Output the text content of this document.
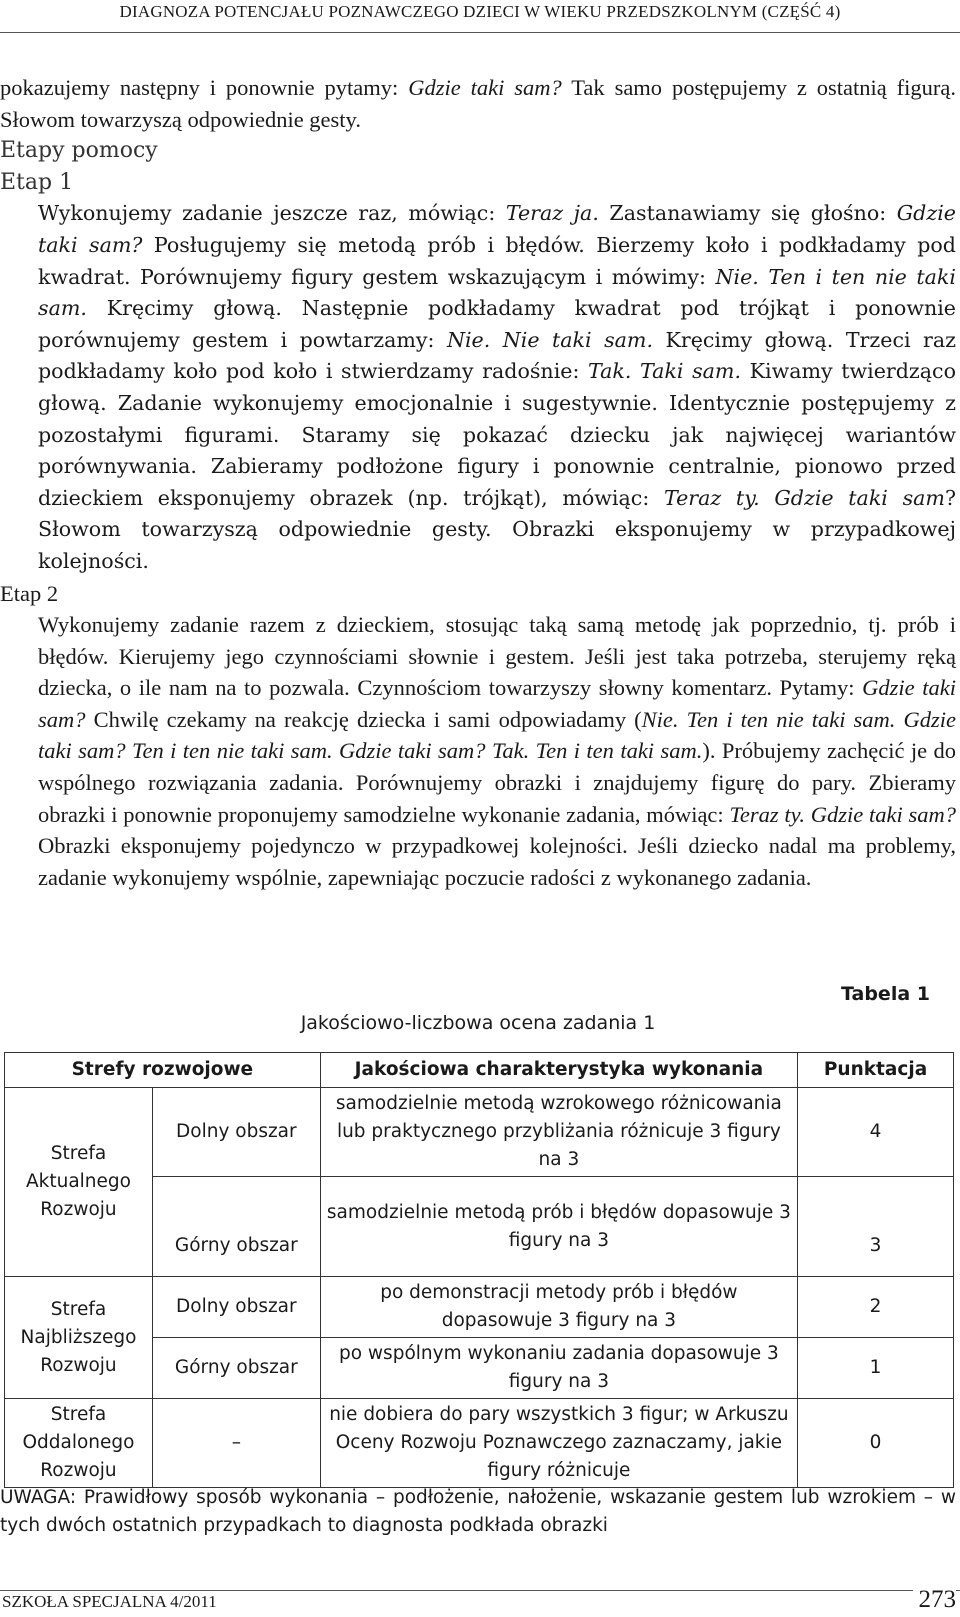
DIAGNOZA POTENCJAŁU POZNAWCZEGO DZIECI W WIEKU PRZEDSZKOLNYM (CZĘŚĆ 4)

pokazujemy następny i ponownie pytamy: Gdzie taki sam? Tak samo postępujemy z ostatnią figurą. Słowom towarzyszą odpowiednie gesty.

Etapy pomocy

Etap 1

Wykonujemy zadanie jeszcze raz, mówiąc: Teraz ja. Zastanawiamy się głośno: Gdzie taki sam? Posługujemy się metodą prób i błędów. Bierzemy koło i podkładamy pod kwadrat. Porównujemy figury gestem wskazującym i mówimy: Nie. Ten i ten nie taki sam. Kręcimy głową. Następnie podkładamy kwadrat pod trójkąt i ponownie porównujemy gestem i powtarzamy: Nie. Nie taki sam. Kręcimy głową. Trzeci raz podkładamy koło pod koło i stwierdzamy radośnie: Tak. Taki sam. Kiwamy twierdząco głową. Zadanie wykonujemy emocjonalnie i sugestywnie. Identycznie postępujemy z pozostałymi figurami. Staramy się pokazać dziecku jak najwięcej wariantów porównywania. Zabieramy podłożone figury i ponownie centralnie, pionowo przed dzieckiem eksponujemy obrazek (np. trójkąt), mówiąc: Teraz ty. Gdzie taki sam? Słowom towarzyszą odpowiednie gesty. Obrazki eksponujemy w przypadkowej kolejności.

Etap 2

Wykonujemy zadanie razem z dzieckiem, stosując taką samą metodę jak poprzednio, tj. prób i błędów. Kierujemy jego czynnościami słownie i gestem. Jeśli jest taka potrzeba, sterujemy ręką dziecka, o ile nam na to pozwala. Czynnościom towarzyszy słowny komentarz. Pytamy: Gdzie taki sam? Chwilę czekamy na reakcję dziecka i sami odpowiadamy (Nie. Ten i ten nie taki sam. Gdzie taki sam? Ten i ten nie taki sam. Gdzie taki sam? Tak. Ten i ten taki sam.). Próbujemy zachęcić je do wspólnego rozwiązania zadania. Porównujemy obrazki i znajdujemy figurę do pary. Zbieramy obrazki i ponownie proponujemy samodzielne wykonanie zadania, mówiąc: Teraz ty. Gdzie taki sam? Obrazki eksponujemy pojedynczo w przypadkowej kolejności. Jeśli dziecko nadal ma problemy, zadanie wykonujemy wspólnie, zapewniając poczucie radości z wykonanego zadania.

Tabela 1
Jakościowo-liczbowa ocena zadania 1
Strefy rozwojowe		Jakościowa charakterystyka wykonania	Punktacja
Strefa Aktualnego Rozwoju	Dolny obszar	samodzielnie metodą wzrokowego różnicowania lub praktycznego przybliżania różnicuje 3 figury na 3	4
	Górny obszar	samodzielnie metodą prób i błędów dopasowuje 3 figury na 3	3
Strefa Najbliższego Rozwoju	Dolny obszar	po demonstracji metody prób i błędów dopasowuje 3 figury na 3	2
	Górny obszar	po wspólnym wykonaniu zadania dopasowuje 3 figury na 3	1
Strefa Oddalonego Rozwoju	–	nie dobiera do pary wszystkich 3 figur; w Arkuszu Oceny Rozwoju Poznawczego zaznaczamy, jakie figury różnicuje	0
UWAGA: Prawidłowy sposób wykonania – podłożenie, nałożenie, wskazanie gestem lub wzrokiem – w tych dwóch ostatnich przypadkach to diagnosta podkłada obrazki
SZKOŁA SPECJALNA 4/2011	273
